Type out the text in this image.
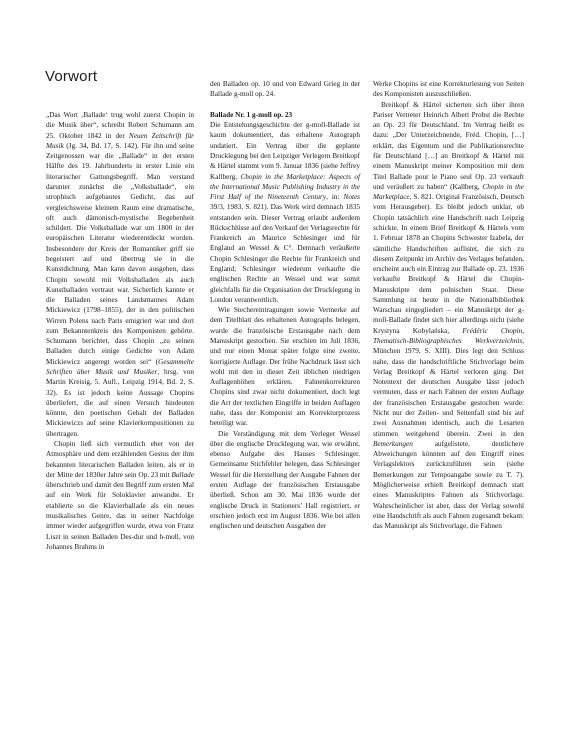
Vorwort

„Das Wort ‚Ballade‘ trug wohl zuerst Chopin in die Musik über“, schreibt Robert Schumann am 25. Oktober 1842 in der Neuen Zeitschrift für Musik (Jg. 34, Bd. 17, S. 142). Für ihn und seine Zeitgenossen war die „Ballade“ in der ersten Hälfte des 19. Jahrhunderts in erster Linie ein literarischer Gattungsbegriff. Man verstand darunter zunächst die „Volksballade“, ein strophisch aufgebautes Gedicht, das auf vergleichsweise kleinem Raum eine dramatische, oft auch dämonisch-mystische Begebenheit schildert. Die Volksballade war um 1800 in der europäischen Literatur wiederentdeckt worden. Insbesondere der Kreis der Romantiker griff sie begeistert auf und übertrug sie in die Kunstdichtung. Man kann davon ausgehen, dass Chopin sowohl mit Volksballaden als auch Kunstballaden vertraut war. Sicherlich kannte er die Balladen seines Landsmannes Adam Mickiewicz (1798–1855), der in den politischen Wirren Polens nach Paris emigriert war und dort zum Bekanntenkreis des Komponisten gehörte. Schumann berichtet, dass Chopin „zu seinen Balladen durch einige Gedichte von Adam Mickiewicz angeregt worden sei“ (Gesammelte Schriften über Musik und Musiker, hrsg. von Martin Kreisig, 5. Aufl., Leipzig 1914, Bd. 2, S. 32). Es ist jedoch keine Aussage Chopins überliefert, die auf einen Versuch hindeuten könnte, den poetischen Gehalt der Balladen Mickiewiczs auf seine Klavierkompositionen zu übertragen.

Chopin ließ sich vermutlich eher von der Atmosphäre und dem erzählenden Gestus der ihm bekannten literarischen Balladen leiten, als er in der Mitte der 1830er Jahre sein Op. 23 mit Ballade überschrieb und damit den Begriff zum ersten Mal auf ein Werk für Soloklavier anwandte. Er etablierte so die Klavierballade als ein neues musikalisches Genre, das in seiner Nachfolge immer wieder aufgegriffen wurde, etwa von Franz Liszt in seinen Balladen Des-dur und h-moll, von Johannes Brahms in

den Balladen op. 10 und von Edward Grieg in der Ballade g-moll op. 24.

Ballade Nr. 1 g-moll op. 23

Die Entstehungsgeschichte der g-moll-Ballade ist kaum dokumentiert, das erhaltene Autograph undatiert. Ein Vertrag über die geplante Drucklegung bei den Leipziger Verlegern Breitkopf & Härtel stammt vom 9. Januar 1836 (siehe Jeffrey Kallberg, Chopin in the Marketplace: Aspects of the International Music Publishing Industry in the First Half of the Nineteenth Century, in: Notes 39/3, 1983, S. 821). Das Werk wird demnach 1835 entstanden sein. Dieser Vertrag erlaubt außerdem Rückschlüsse auf den Verkauf der Verlagsrechte für Frankreich an Maurice Schlesinger und für England an Wessel & C°. Demnach veräußerte Chopin Schlesinger die Rechte für Frankreich und England; Schlesinger wiederum verkaufte die englischen Rechte an Wessel und war somit gleichfalls für die Organisation der Drucklegung in London verantwortlich.

Wie Stechereintragungen sowie Vermerke auf dem Titelblatt des erhaltenen Autographs belegen, wurde die französische Erstausgabe nach dem Manuskript gestochen. Sie erschien im Juli 1836, und nur einen Monat später folgte eine zweite, korrigierte Auflage. Der frühe Nachdruck lässt sich wohl mit den in dieser Zeit üblichen niedrigen Auflagenhöhen erklären. Fahnenkorrekturen Chopins sind zwar nicht dokumentiert, doch legt die Art der textlichen Eingriffe in beiden Auflagen nahe, dass der Komponist am Korrekturprozess beteiligt war.

Die Verständigung mit dem Verleger Wessel über die englische Drucklegung war, wie erwähnt, ebenso Aufgabe des Hauses Schlesinger. Gemeinsame Stichfehler belegen, dass Schlesinger Wessel für die Herstellung der Ausgabe Fahnen der ersten Auflage der französischen Erstausgabe überließ. Schon am 30. Mai 1836 wurde der englische Druck in Stationers’ Hall registriert, er erschien jedoch erst im August 1836. Wie bei allen englischen und deutschen Ausgaben der

Werke Chopins ist eine Korrekturlesung von Seiten des Komponisten auszuschließen.

Breitkopf & Härtel sicherten sich über ihren Pariser Vertreter Heinrich Albert Probst die Rechte an Op. 23 für Deutschland. Im Vertrag heißt es dazu: „Der Unterzeichnende, Fréd. Chopin, […] erklärt, das Eigentum und die Publikationsrechte für Deutschland […] an Breitkopf & Härtel mit einem Manuskript meiner Komposition mit dem Titel Ballade pour le Piano seul Op. 23 verkauft und veräußert zu haben“ (Kallberg, Chopin in the Marketplace, S. 821. Original Französisch, Deutsch vom Herausgeber). Es bleibt jedoch unklar, ob Chopin tatsächlich eine Handschrift nach Leipzig schickte. In einem Brief Breitkopf & Härtels vom 1. Februar 1878 an Chopins Schwester Izabela, der sämtliche Handschriften auflistet, die sich zu diesem Zeitpunkt im Archiv des Verlages befanden, erscheint auch ein Eintrag zur Ballade op. 23. 1936 verkaufte Breitkopf & Härtel die Chopin-Manuskripte dem polnischen Staat. Diese Sammlung ist heute in die Nationalbibliothek Warschau eingegliedert – ein Manuskript der g-moll-Ballade findet sich hier allerdings nicht (siehe Krystyna Kobylańska, Frédéric Chopin, Thematisch-Bibliographisches Werkverzeichnis, München 1979, S. XIII). Dies legt den Schluss nahe, dass die handschriftliche Stichvorlage beim Verlag Breitkopf & Härtel verloren ging. Der Notentext der deutschen Ausgabe lässt jedoch vermuten, dass er nach Fahnen der ersten Auflage der französischen Erstausgabe gestochen wurde: Nicht nur der Zeilen- und Seitenfall sind bis auf zwei Ausnahmen identisch, auch die Lesarten stimmen weitgehend überein. Zwei in den Bemerkungen aufgelistete, deutlichere Abweichungen könnten auf den Eingriff eines Verlagslektors zurückzuführen sein (siehe Bemerkungen zur Tempoangabe sowie zu T. 7). Möglicherweise erhielt Breitkopf demnach statt eines Manuskriptes Fahnen als Stichvorlage. Wahrscheinlicher ist aber, dass der Verlag sowohl eine Handschrift als auch Fahnen zugesandt bekam: das Manuskript als Stichvorlage, die Fahnen
